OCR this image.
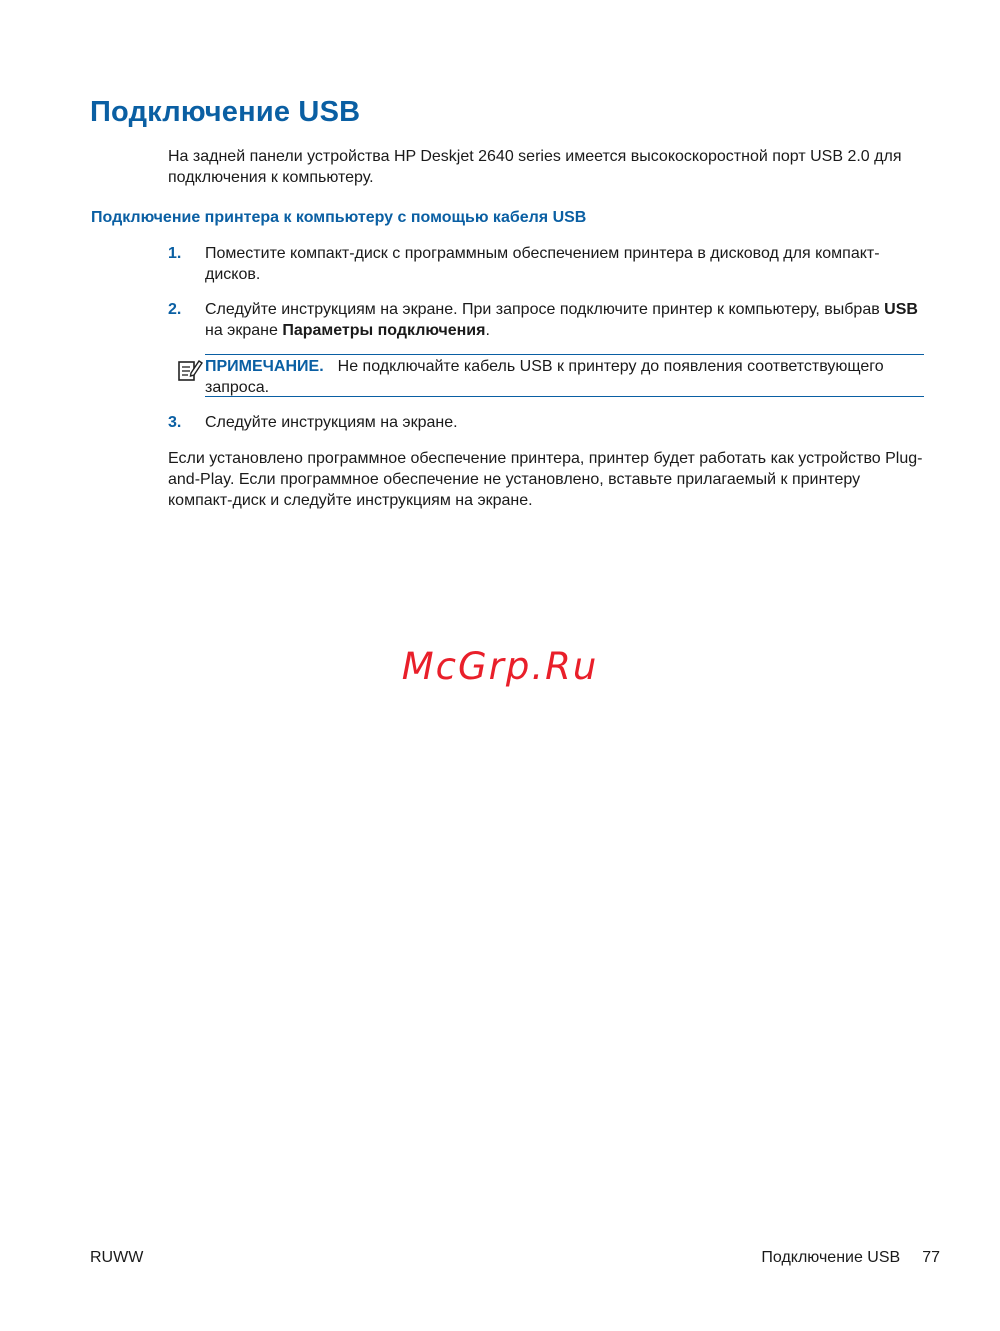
Подключение USB

На задней панели устройства HP Deskjet 2640 series имеется высокоскоростной порт USB 2.0 для подключения к компьютеру.

Подключение принтера к компьютеру с помощью кабеля USB
1. Поместите компакт-диск с программным обеспечением принтера в дисковод для компакт-дисков.
2. Следуйте инструкциям на экране. При запросе подключите принтер к компьютеру, выбрав USB на экране Параметры подключения.
ПРИМЕЧАНИЕ. Не подключайте кабель USB к принтеру до появления соответствующего запроса.
3. Следуйте инструкциям на экране.

Если установлено программное обеспечение принтера, принтер будет работать как устройство Plug-and-Play. Если программное обеспечение не установлено, вставьте прилагаемый к принтеру компакт-диск и следуйте инструкциям на экране.

McGrp.Ru
RUWW	Подключение USB 77
